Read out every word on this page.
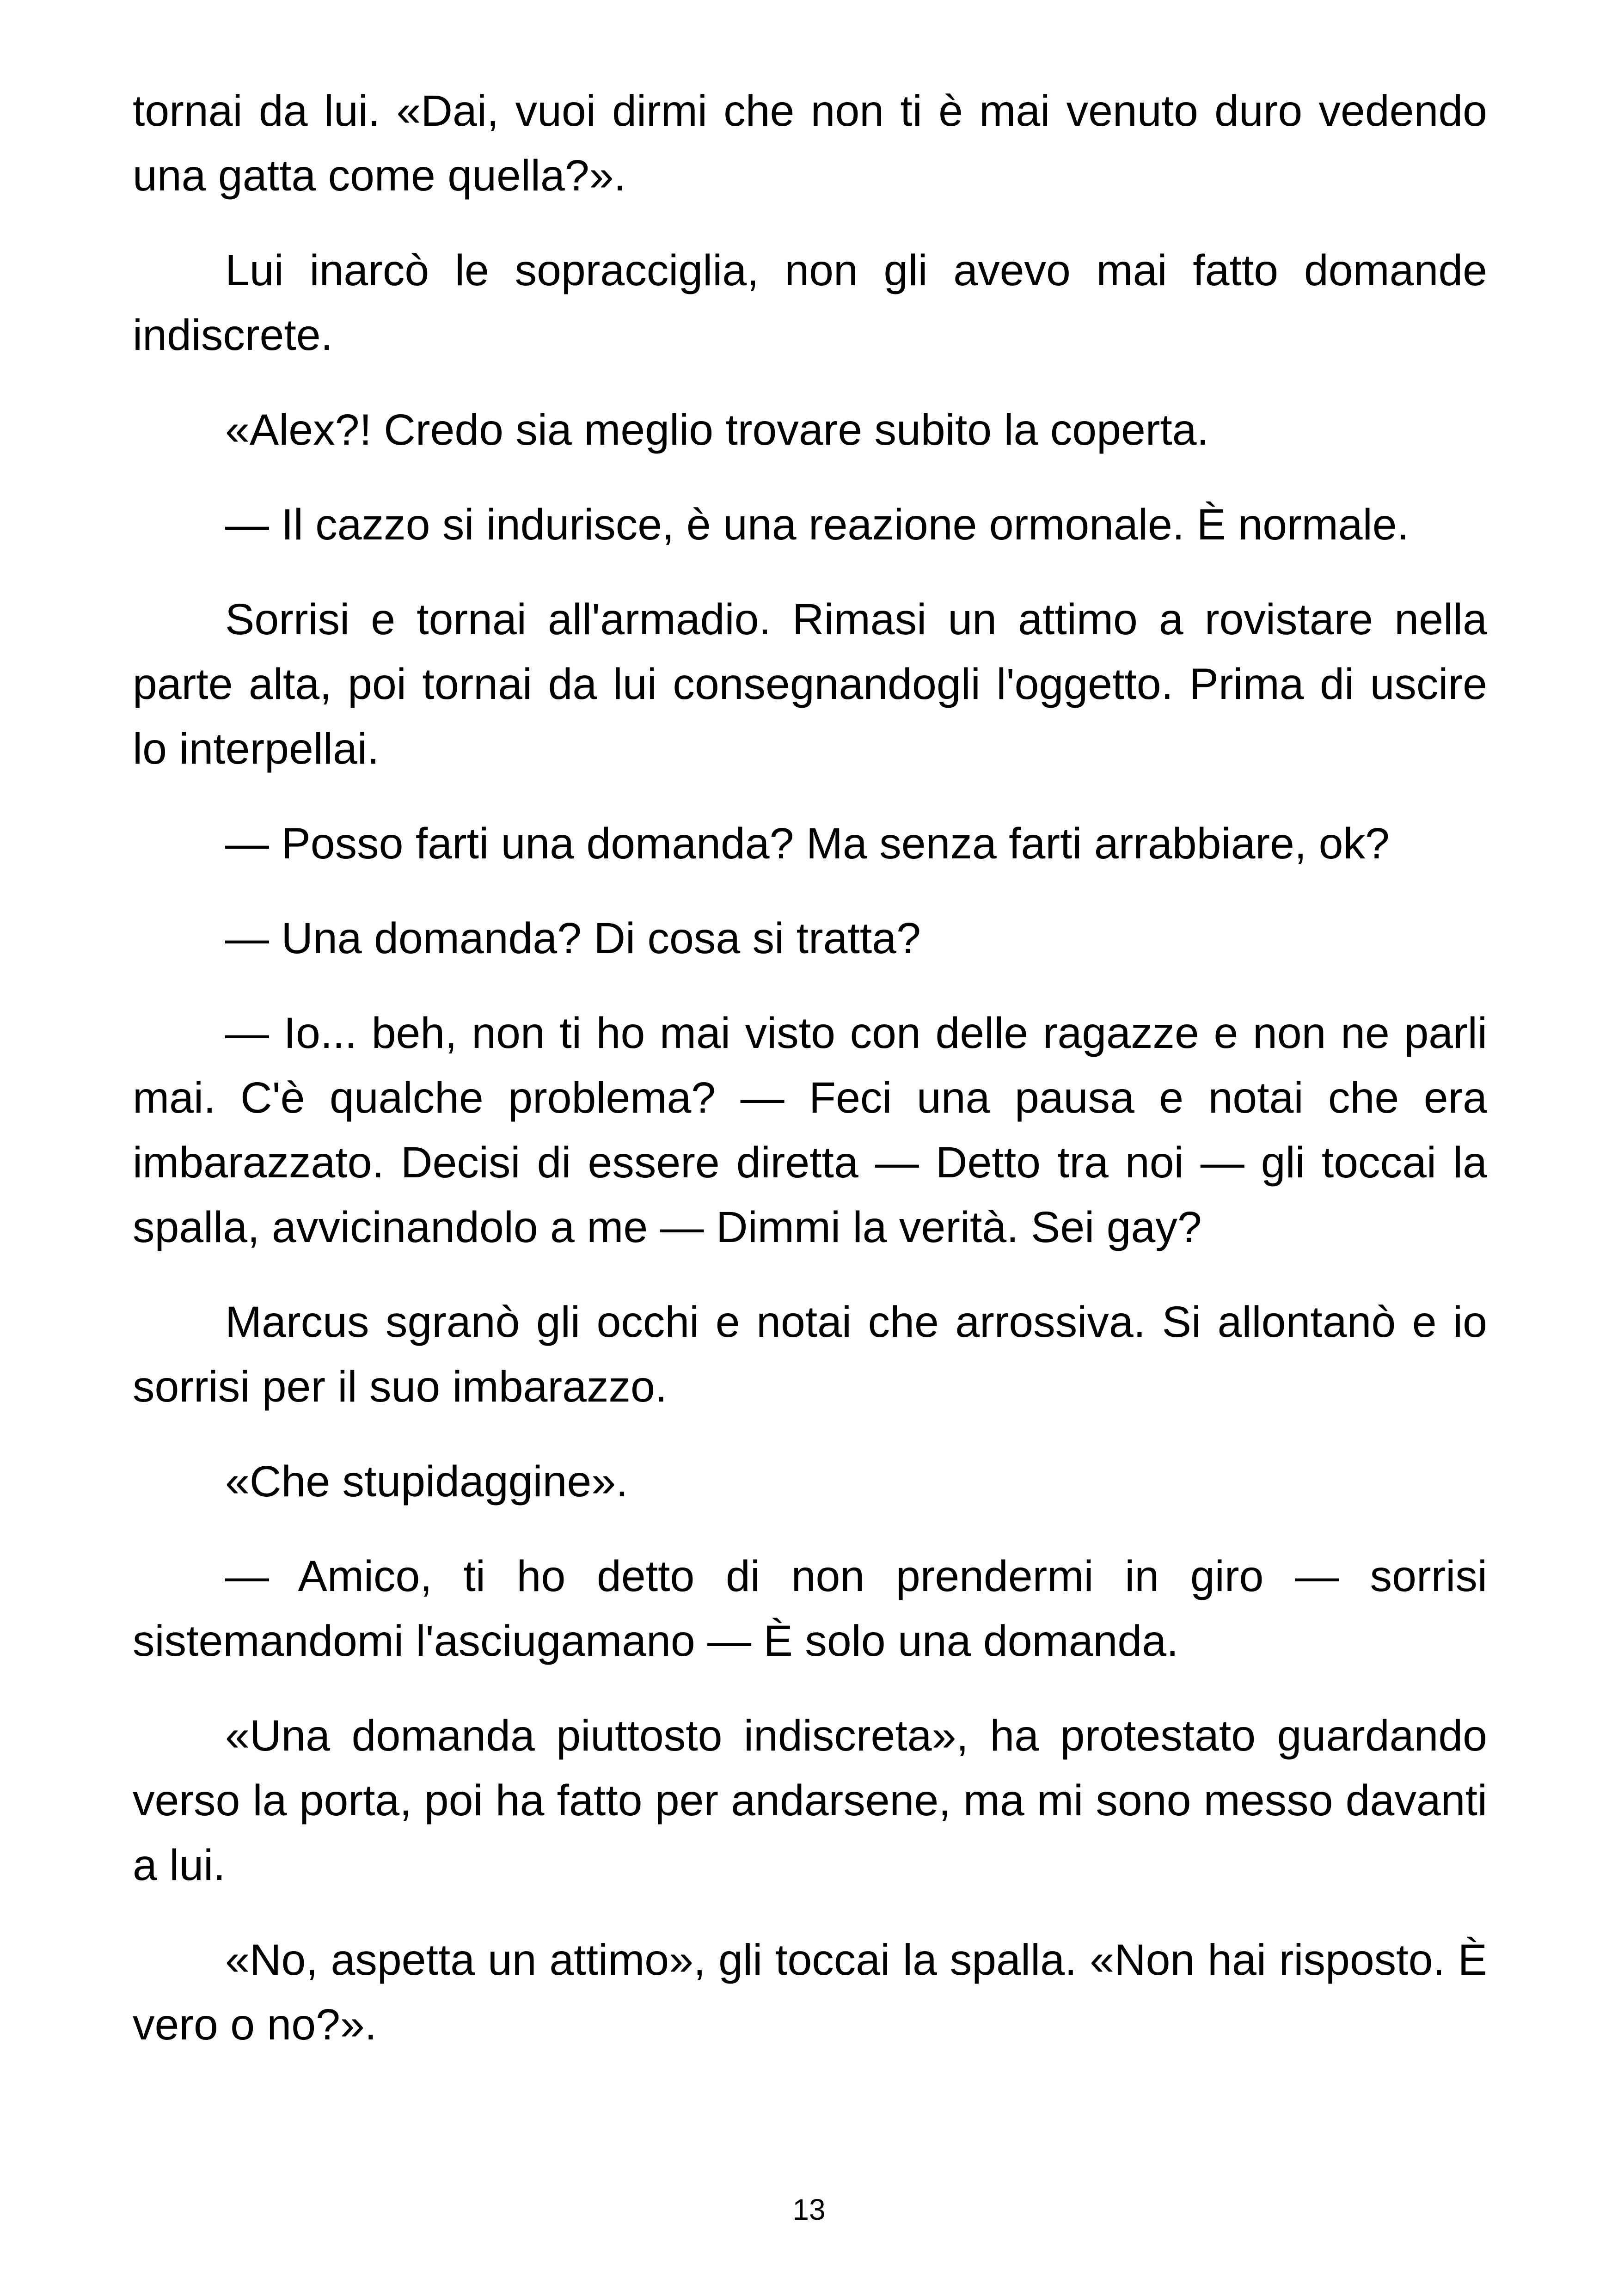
tornai da lui. «Dai, vuoi dirmi che non ti è mai venuto duro vedendo una gatta come quella?».

Lui inarcò le sopracciglia, non gli avevo mai fatto domande indiscrete.

«Alex?! Credo sia meglio trovare subito la coperta.

— Il cazzo si indurisce, è una reazione ormonale. È normale.

Sorrisi e tornai all'armadio. Rimasi un attimo a rovistare nella parte alta, poi tornai da lui consegnandogli l'oggetto. Prima di uscire lo interpellai.

— Posso farti una domanda? Ma senza farti arrabbiare, ok?

— Una domanda? Di cosa si tratta?

— Io... beh, non ti ho mai visto con delle ragazze e non ne parli mai. C'è qualche problema? — Feci una pausa e notai che era imbarazzato. Decisi di essere diretta — Detto tra noi — gli toccai la spalla, avvicinandolo a me — Dimmi la verità. Sei gay?

Marcus sgranò gli occhi e notai che arrossiva. Si allontanò e io sorrisi per il suo imbarazzo.

«Che stupidaggine».

— Amico, ti ho detto di non prendermi in giro — sorrisi sistemandomi l'asciugamano — È solo una domanda.

«Una domanda piuttosto indiscreta», ha protestato guardando verso la porta, poi ha fatto per andarsene, ma mi sono messo davanti a lui.

«No, aspetta un attimo», gli toccai la spalla. «Non hai risposto. È vero o no?».

13
